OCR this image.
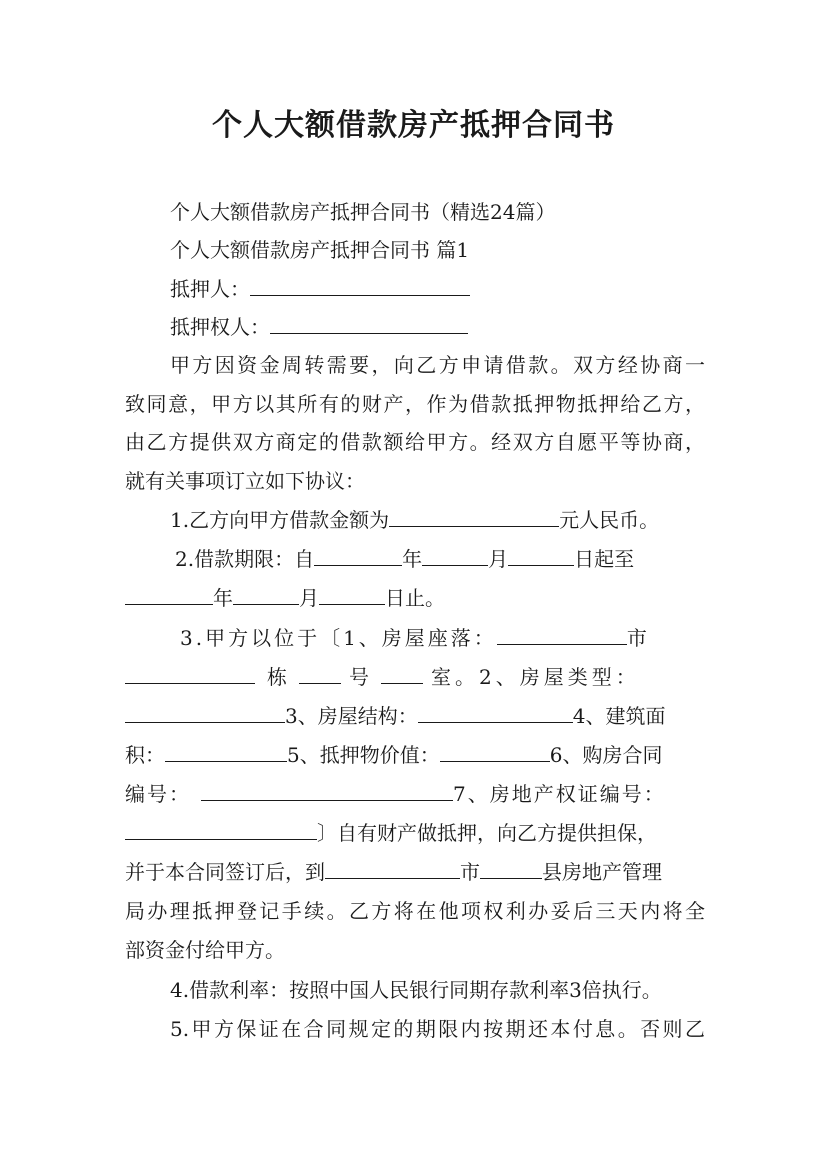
个人大额借款房产抵押合同书
个人大额借款房产抵押合同书（精选24篇）
个人大额借款房产抵押合同书 篇1
抵押人：
抵押权人：
甲方因资金周转需要，向乙方申请借款。双方经协商一
致同意，甲方以其所有的财产，作为借款抵押物抵押给乙方，
由乙方提供双方商定的借款额给甲方。经双方自愿平等协商，
就有关事项订立如下协议：
1.乙方向甲方借款金额为	元人民币。
2.借款期限：自	年	月	日起至
年	月	日止。
3.甲方以位于〔1、房屋座落：	市
栋	号	室。2、房屋类型：
3、房屋结构：	4、建筑面
积：	5、抵押物价值：	6、购房合同
编号：	7、房地产权证编号：
〕自有财产做抵押，向乙方提供担保，
并于本合同签订后，到	市	县房地产管理
局办理抵押登记手续。乙方将在他项权利办妥后三天内将全
部资金付给甲方。
4.借款利率：按照中国人民银行同期存款利率3倍执行。
5.甲方保证在合同规定的期限内按期还本付息。否则乙
